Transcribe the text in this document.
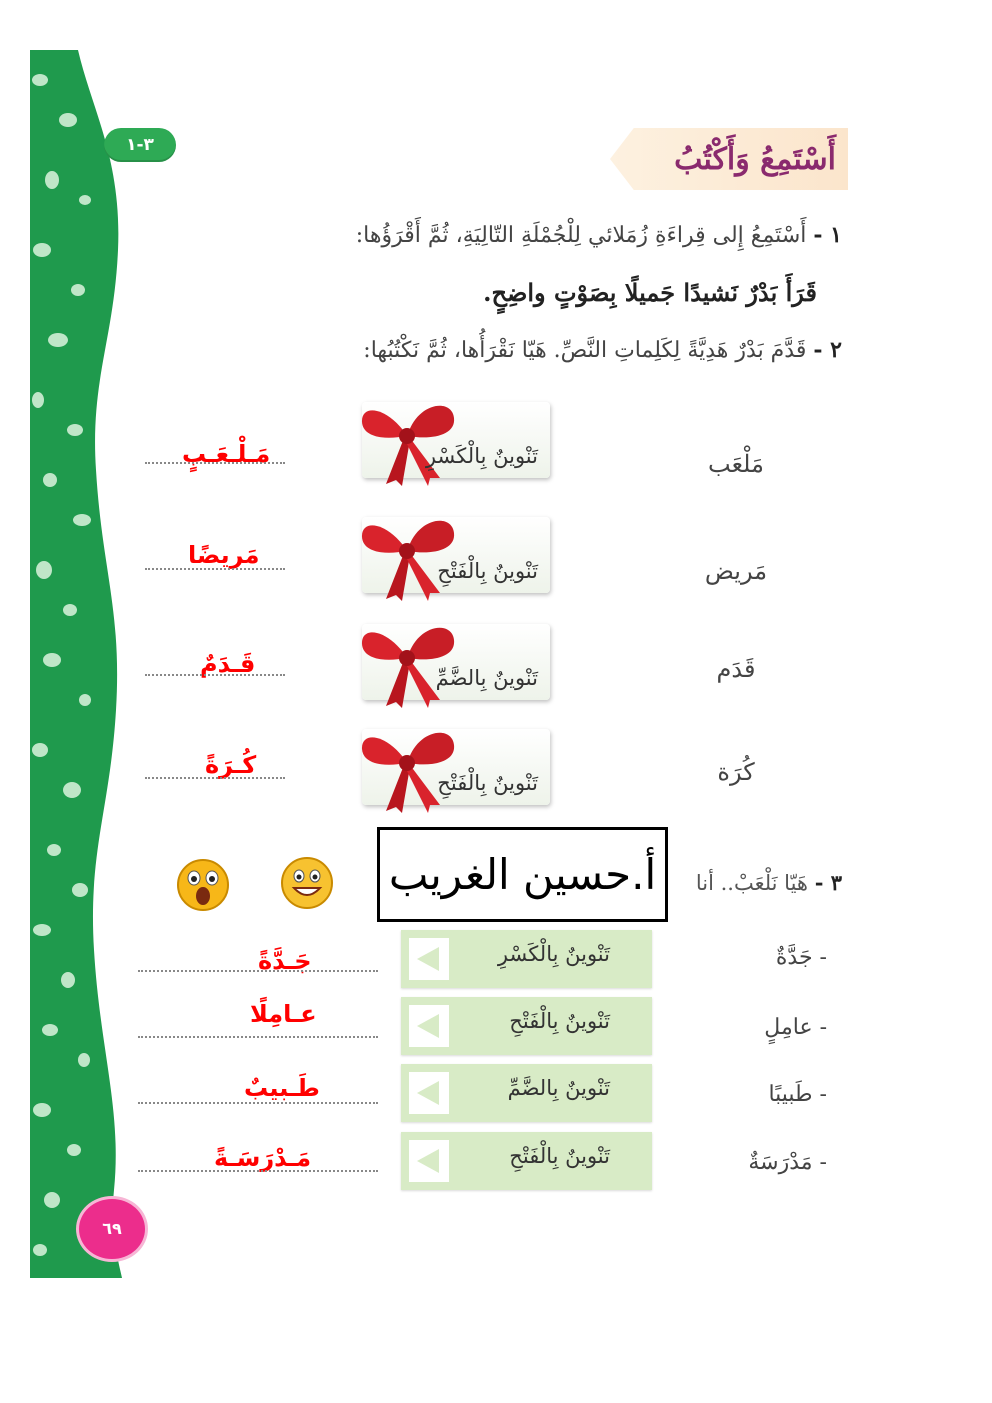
٣-١	أَسْتَمِعُ وَأَكْتُبُ
١ - أَسْتَمِعُ إِلى قِراءَةِ زُمَلائي لِلْجُمْلَةِ التّالِيَةِ، ثُمَّ أَقْرَؤُها:
قَرَأَ بَدْرٌ نَشيدًا جَميلًا بِصَوْتٍ واضِحٍ.
٢ - قَدَّمَ بَدْرٌ هَدِيَّةً لِكَلِماتِ النَّصِّ. هَيّا نَقْرَأُها، ثُمَّ نَكْتُبُها:
مَلْعَب
تَنْوينٌ بِالْكَسْرِ
مَـلْـعَـبٍ
مَريض
تَنْوينٌ بِالْفَتْحِ
مَريضًا
قَدَم
تَنْوينٌ بِالضَّمِّ
قَـدَمٌ
كُرَة
تَنْوينٌ بِالْفَتْحِ
كُـرَةً
أ.حسين الغريب	٣ - هَيّا نَلْعَبْ.. أنا
- جَدَّةٌ
تَنْوينٌ بِالْكَسْرِ
جَـدَّةً
- عامِلٍ
تَنْوينٌ بِالْفَتْحِ
عـامِلًا
- طَبيبًا
تَنْوينٌ بِالضَّمِّ
طَـبيبٌ
- مَدْرَسَةٌ
تَنْوينٌ بِالْفَتْحِ
مَـدْرَسَـةً
٦٩
